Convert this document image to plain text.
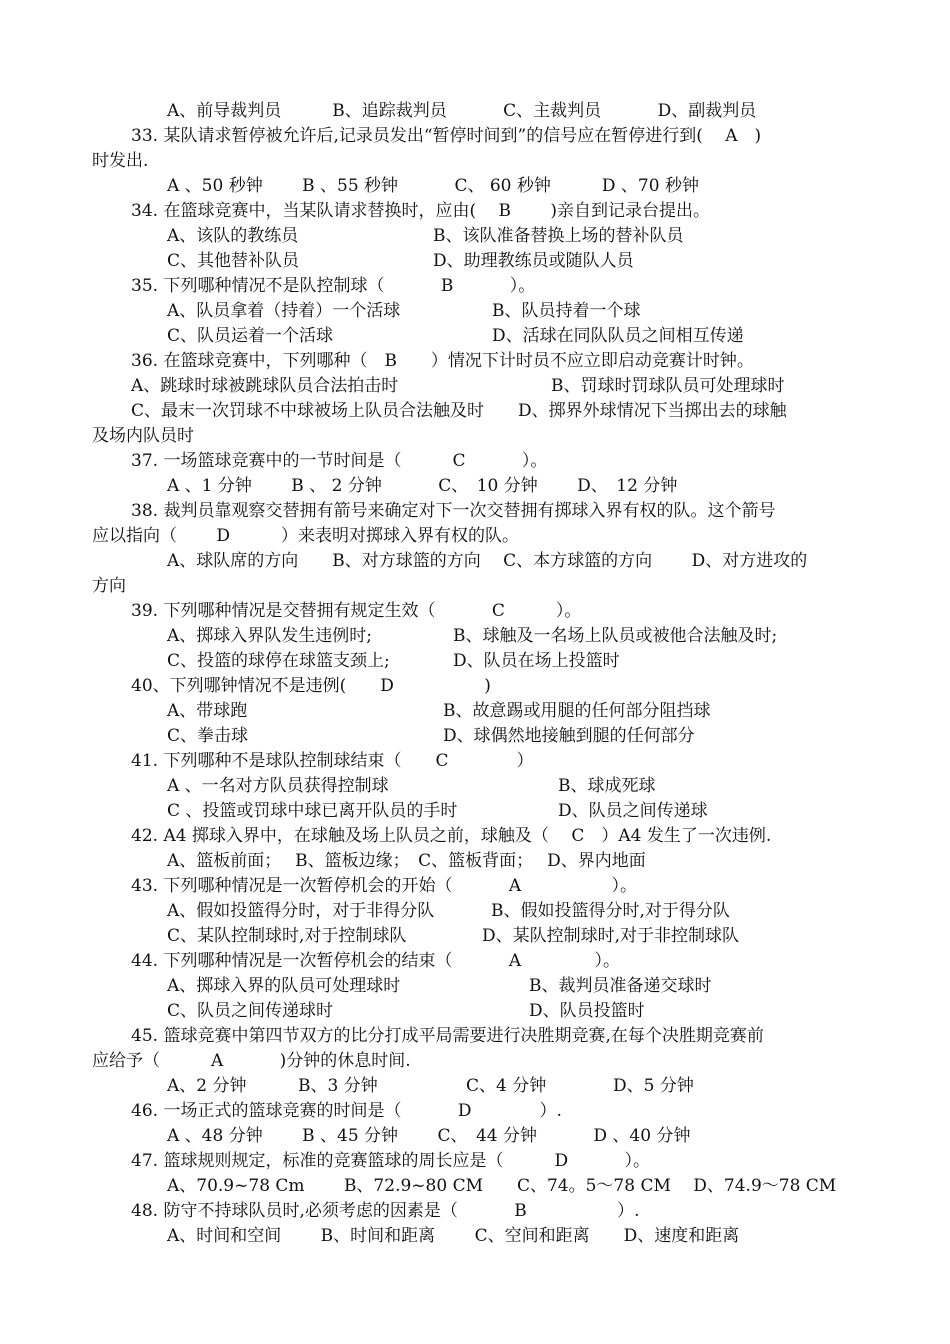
A、前导裁判员　　　B、追踪裁判员　　　 C、主裁判员　　　 D、副裁判员
33. 某队请求暂停被允许后,记录员发出“暂停时间到”的信号应在暂停进行到(　 A　)
时发出.
A 、50 秒钟　　 B 、55 秒钟　　　 C、 60 秒钟　　　D 、70 秒钟
34. 在篮球竞赛中，当某队请求替换时，应由(　 B　　 )亲自到记录台提出。
A、该队的教练员	B、该队准备替换上场的替补队员
C、其他替补队员	D、助理教练员或随队人员
35. 下列哪种情况不是队控制球（　　　 B　　　 ）。
A、队员拿着（持着）一个活球	B、队员持着一个球
C、队员运着一个活球	D、活球在同队队员之间相互传递
36. 在篮球竞赛中，下列哪种（　B　　）情况下计时员不应立即启动竞赛计时钟。
A、跳球时球被跳球队员合法拍击时	B、罚球时罚球队员可处理球时
C、最末一次罚球不中球被场上队员合法触及时　　D、掷界外球情况下当掷出去的球触
及场内队员时
37. 一场篮球竞赛中的一节时间是（　　　C　　　 ）。
A 、1 分钟　　 B 、 2 分钟　　　 C、　10 分钟　　 D、　12 分钟
38. 裁判员靠观察交替拥有箭号来确定对下一次交替拥有掷球入界有权的队。这个箭号
应以指向（　　 D　　　）来表明对掷球入界有权的队。
A、球队席的方向　　B、对方球篮的方向　 C、本方球篮的方向　　 D、对方进攻的
方向
39. 下列哪种情况是交替拥有规定生效（　　　 C　　　）。
A、掷球入界队发生违例时;	B、球触及一名场上队员或被他合法触及时;
C、投篮的球停在球篮支颈上;	D、队员在场上投篮时
40、下列哪钟情况不是违例(　　D　　　　　 )
A、带球跑	B、故意踢或用腿的任何部分阻挡球
C、拳击球	D、球偶然地接触到腿的任何部分
41. 下列哪种不是球队控制球结束（　　C　　　　）
A 、一名对方队员获得控制球	B、球成死球
C 、投篮或罚球中球已离开队员的手时	D、队员之间传递球
42. A4 掷球入界中，在球触及场上队员之前，球触及（　 C　）A4 发生了一次违例.
A、篮板前面；　 B、篮板边缘；　C、篮板背面；　 D、界内地面
43. 下列哪种情况是一次暂停机会的开始（　　　 A　　　　　 ）。
A、假如投篮得分时，对于非得分队	B、假如投篮得分时,对于得分队
C、某队控制球时,对于控制球队	D、某队控制球时,对于非控制球队
44. 下列哪种情况是一次暂停机会的结束（　　　 A　　　　 ）。
A、掷球入界的队员可处理球时	B、裁判员准备递交球时
C、队员之间传递球时	D、队员投篮时
45. 篮球竞赛中第四节双方的比分打成平局需要进行决胜期竞赛,在每个决胜期竞赛前
应给予（　　　A　　　 )分钟的休息时间.
A、2 分钟	B、3 分钟	C、4 分钟	D、5 分钟
46. 一场正式的篮球竞赛的时间是（　　　 D　　　　）.
A 、48 分钟　　 B 、45 分钟　　 C、　44 分钟　　　 D 、40 分钟
47. 篮球规则规定，标准的竞赛篮球的周长应是（　　　D　　　 ）。
A、70.9~78 Cm　　 B、72.9~80 CM　　C、74。5～78 CM　 D、74.9～78 CM
48. 防守不持球队员时,必须考虑的因素是（　　　 B　　　　　 ）.
A、时间和空间　　 B、时间和距离　　 C、空间和距离　　D、速度和距离
